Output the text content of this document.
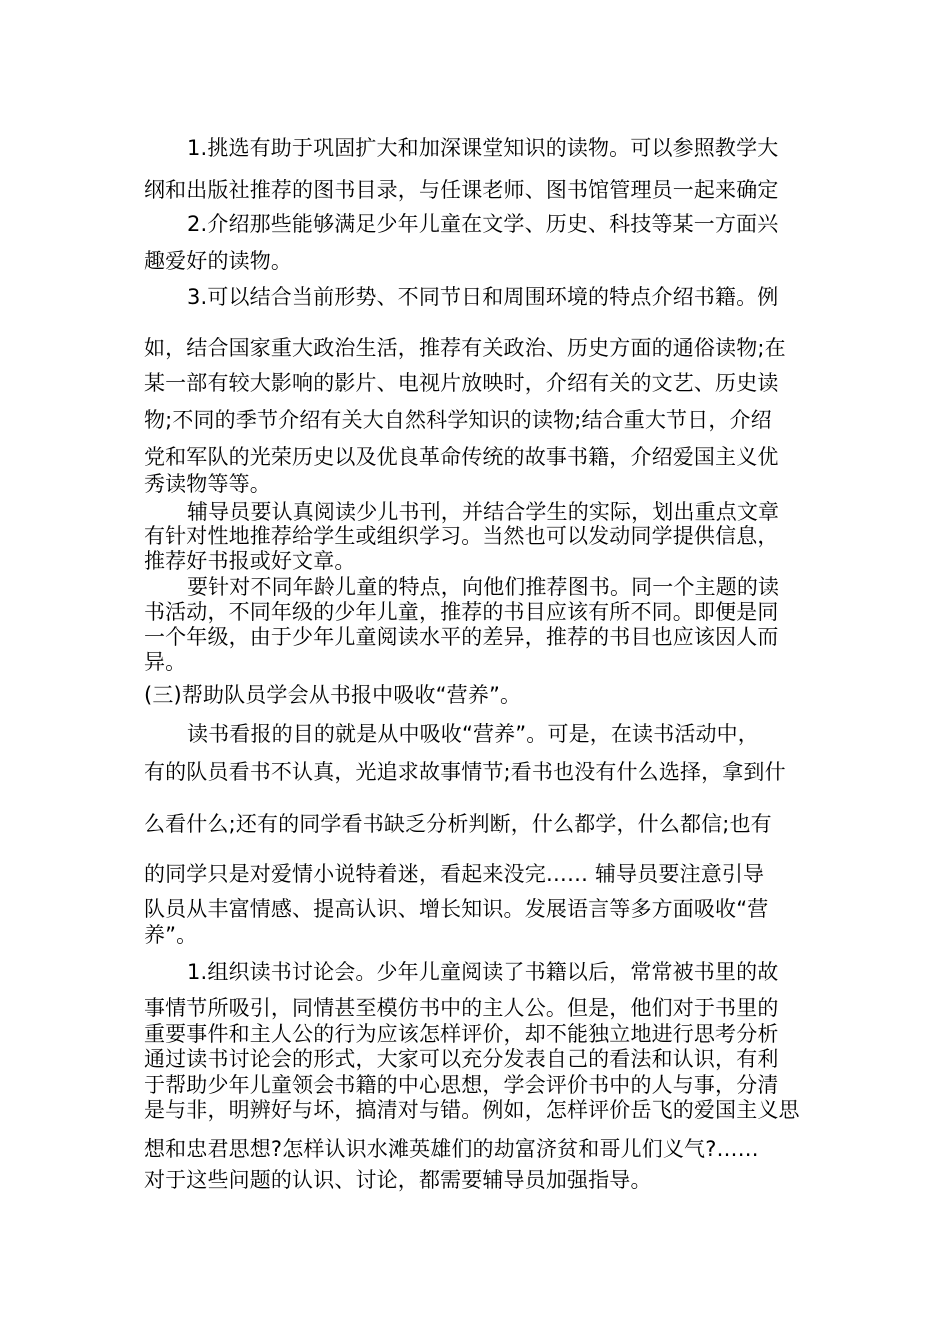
1.挑选有助于巩固扩大和加深课堂知识的读物。可以参照教学大
纲和出版社推荐的图书目录，与任课老师、图书馆管理员一起来确定
2.介绍那些能够满足少年儿童在文学、历史、科技等某一方面兴
趣爱好的读物。
3.可以结合当前形势、不同节日和周围环境的特点介绍书籍。例
如，结合国家重大政治生活，推荐有关政治、历史方面的通俗读物;在
某一部有较大影响的影片、电视片放映时，介绍有关的文艺、历史读
物;不同的季节介绍有关大自然科学知识的读物;结合重大节日，介绍
党和军队的光荣历史以及优良革命传统的故事书籍，介绍爱国主义优
秀读物等等。
辅导员要认真阅读少儿书刊，并结合学生的实际，划出重点文章
有针对性地推荐给学生或组织学习。当然也可以发动同学提供信息，
推荐好书报或好文章。
要针对不同年龄儿童的特点，向他们推荐图书。同一个主题的读
书活动，不同年级的少年儿童，推荐的书目应该有所不同。即便是同
一个年级，由于少年儿童阅读水平的差异，推荐的书目也应该因人而
异。
(三)帮助队员学会从书报中吸收“营养”。
读书看报的目的就是从中吸收“营养”。可是，在读书活动中，
有的队员看书不认真，光追求故事情节;看书也没有什么选择，拿到什
么看什么;还有的同学看书缺乏分析判断，什么都学，什么都信;也有
的同学只是对爱情小说特着迷，看起来没完…… 辅导员要注意引导
队员从丰富情感、提高认识、增长知识。发展语言等多方面吸收“营
养”。
1.组织读书讨论会。少年儿童阅读了书籍以后，常常被书里的故
事情节所吸引，同情甚至模仿书中的主人公。但是，他们对于书里的
重要事件和主人公的行为应该怎样评价，却不能独立地进行思考分析
通过读书讨论会的形式，大家可以充分发表自己的看法和认识，有利
于帮助少年儿童领会书籍的中心思想，学会评价书中的人与事，分清
是与非，明辨好与坏，搞清对与错。例如，怎样评价岳飞的爱国主义思
想和忠君思想?怎样认识水滩英雄们的劫富济贫和哥儿们义气?……
对于这些问题的认识、讨论，都需要辅导员加强指导。
